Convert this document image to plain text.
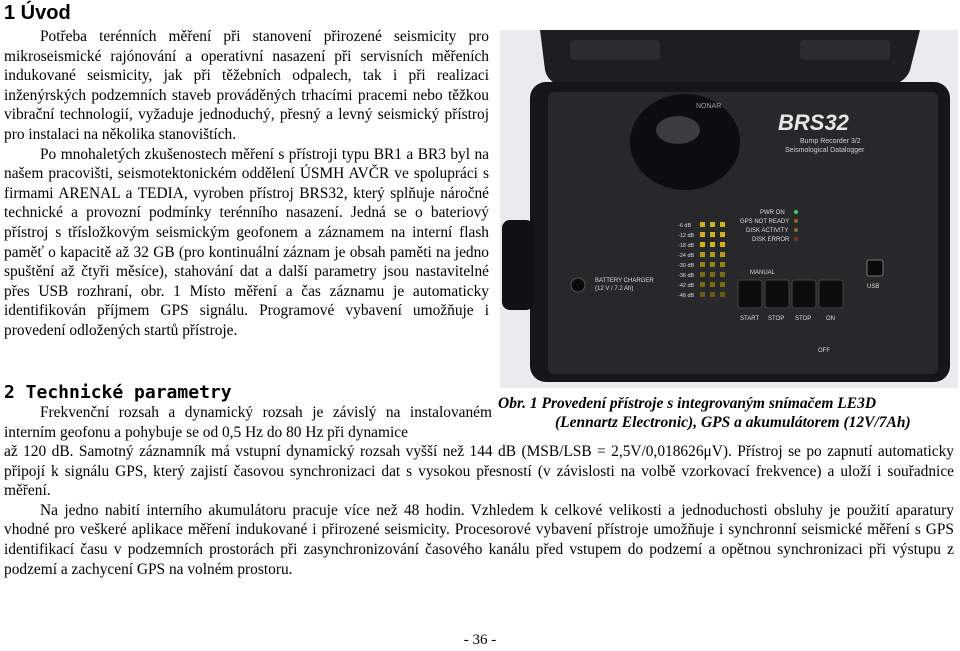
1 Úvod

Potřeba terénních měření při stanovení přirozené seismicity pro mikroseismické rajónování a operativní nasazení při servisních měřeních indukované seismicity, jak při těžebních odpalech, tak i při realizaci inženýrských podzemních staveb prováděných trhacími pracemi nebo těžkou vibrační technologií, vyžaduje jednoduchý, přesný a levný seismický přístroj pro instalaci na několika stanovištích.

Po mnohaletých zkušenostech měření s přístroji typu BR1 a BR3 byl na našem pracovišti, seismotektonickém oddělení ÚSMH AVČR ve spolupráci s firmami ARENAL a TEDIA, vyroben přístroj BRS32, který splňuje náročné technické a provozní podmínky terénního nasazení. Jedná se o bateriový přístroj s třísložkovým seismickým geofonem a záznamem na interní flash paměť o kapacitě až 32 GB (pro kontinuální záznam je obsah paměti na jedno spuštění až čtyři měsíce), stahování dat a další parametry jsou nastavitelné přes USB rozhraní, obr. 1 Místo měření a čas záznamu je automaticky identifikován příjmem GPS signálu. Programové vybavení umožňuje i provedení odložených startů přístroje.

NONAR
BRS32
Bump Recorder 3/2
Seismological Datalogger
PWR ON
GPS NOT READY
DISK ACTIVITY
DISK ERROR
-6 dB
-12 dB
-18 dB
-24 dB
-30 dB
-36 dB
-42 dB
-48 dB
BATTERY CHARGER
(12 V / 7.2 Ah)
MANUAL
START STOP STOP ON
OFF
USB
2 Technické parametry

Frekvenční rozsah a dynamický rozsah je závislý na instalovaném interním geofonu a pohybuje se od 0,5 Hz do 80 Hz při dynamice

Obr. 1 Provedení přístroje s integrovaným snímačem LE3D
(Lennartz Electronic), GPS a akumulátorem (12V/7Ah)

až 120 dB. Samotný záznamník má vstupní dynamický rozsah vyšší než 144 dB (MSB/LSB = 2,5V/0,018626μV). Přístroj se po zapnutí automaticky připojí k signálu GPS, který zajistí časovou synchronizaci dat s vysokou přesností (v závislosti na volbě vzorkovací frekvence) a uloží i souřadnice měření.

Na jedno nabití interního akumulátoru pracuje více než 48 hodin. Vzhledem k celkové velikosti a jednoduchosti obsluhy je použití aparatury vhodné pro veškeré aplikace měření indukované i přirozené seismicity. Procesorové vybavení přístroje umožňuje i synchronní seismické měření s GPS identifikací času v podzemních prostorách při zasynchronizování časového kanálu před vstupem do podzemí a opětnou synchronizaci při výstupu z podzemí a zachycení GPS na volném prostoru.

- 36 -
